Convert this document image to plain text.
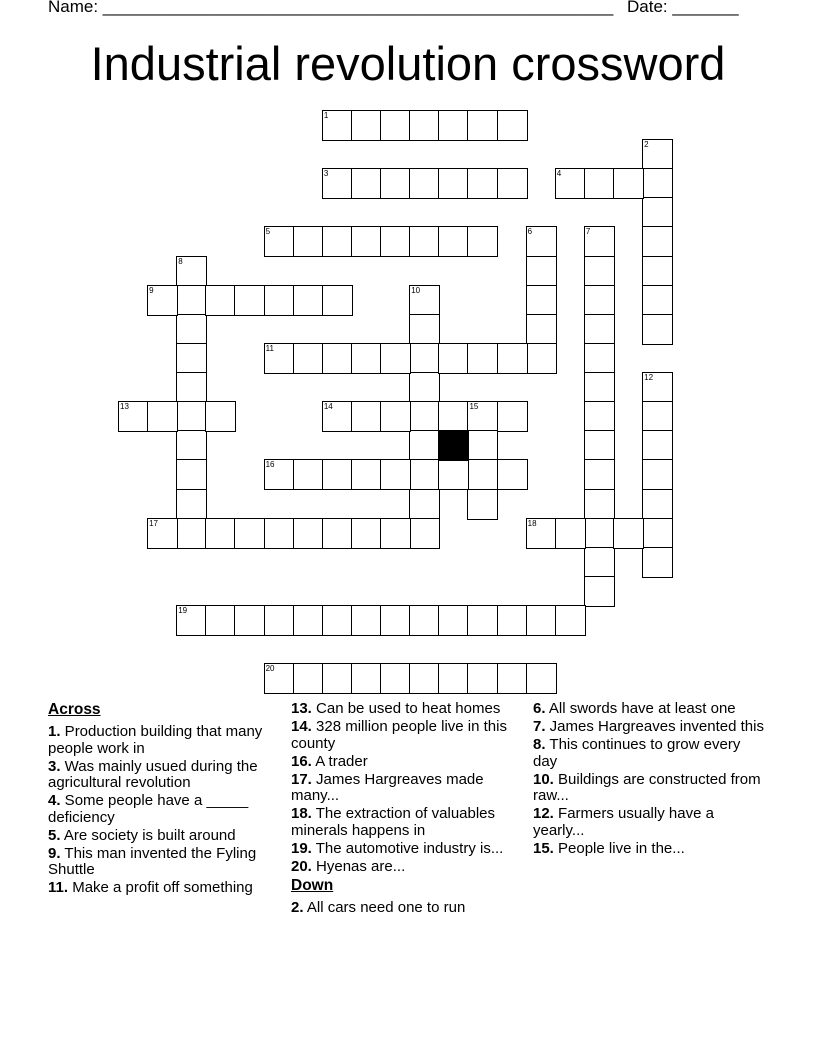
Name: ______________________________________________________ Date: _______
Industrial revolution crossword
1
2
3	4
5	6	7
8
9	10
11
12
13	14	15
16
17	18
19
20
Across
1. Production building that many people work in
3. Was mainly usued during the agricultural revolution
4. Some people have a _____ deficiency
5. Are society is built around
9. This man invented the Fyling Shuttle
11. Make a profit off something
13. Can be used to heat homes
14. 328 million people live in this county
16. A trader
17. James Hargreaves made many...
18. The extraction of valuables minerals happens in
19. The automotive industry is...
20. Hyenas are...
Down
2. All cars need one to run
6. All swords have at least one
7. James Hargreaves invented this
8. This continues to grow every day
10. Buildings are constructed from raw...
12. Farmers usually have a yearly...
15. People live in the...
